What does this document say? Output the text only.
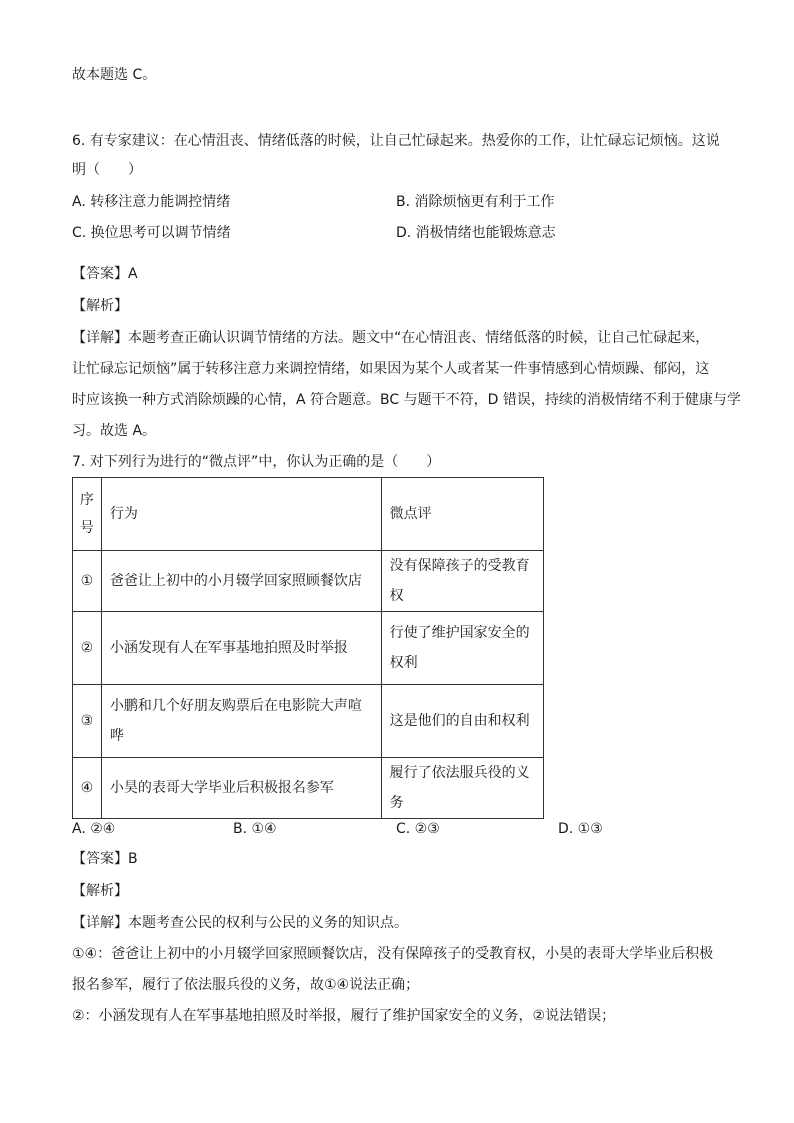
故本题选 C。
6. 有专家建议：在心情沮丧、情绪低落的时候，让自己忙碌起来。热爱你的工作，让忙碌忘记烦恼。这说
明（　　）
A. 转移注意力能调控情绪	B. 消除烦恼更有利于工作
C. 换位思考可以调节情绪	D. 消极情绪也能锻炼意志
【答案】A
【解析】
【详解】本题考查正确认识调节情绪的方法。题文中“在心情沮丧、情绪低落的时候，让自己忙碌起来，
让忙碌忘记烦恼”属于转移注意力来调控情绪，如果因为某个人或者某一件事情感到心情烦躁、郁闷，这
时应该换一种方式消除烦躁的心情，A 符合题意。BC 与题干不符，D 错误，持续的消极情绪不利于健康与学
习。故选 A。
7. 对下列行为进行的“微点评”中，你认为正确的是（　　）
序
号	行为	微点评
①	爸爸让上初中的小月辍学回家照顾餐饮店	没有保障孩子的受教育权
②	小涵发现有人在军事基地拍照及时举报	行使了维护国家安全的权利

③	小鹏和几个好朋友购票后在电影院大声喧哗	这是他们的自由和权利
④	小昊的表哥大学毕业后积极报名参军	履行了依法服兵役的义务
A. ②④	B. ①④	C. ②③	D. ①③
【答案】B
【解析】
【详解】本题考查公民的权利与公民的义务的知识点。
①④：爸爸让上初中的小月辍学回家照顾餐饮店，没有保障孩子的受教育权，小昊的表哥大学毕业后积极
报名参军，履行了依法服兵役的义务，故①④说法正确；
②：小涵发现有人在军事基地拍照及时举报，履行了维护国家安全的义务，②说法错误；
